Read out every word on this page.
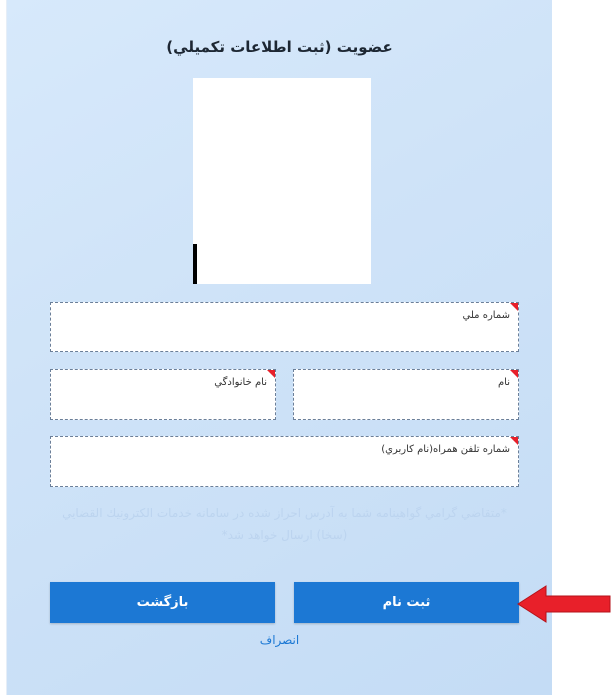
عضويت (ثبت اطلاعات تكميلي)
شماره ملي
نام خانوادگي	نام
شماره تلفن همراه(نام کاربري)
*متقاضي گرامي گواهينامه شما به آدرس احراز شده در سامانه خدمات الكترونيك القضايي (سخا) ارسال خواهد شد*
بازگشت	ثبت نام
انصراف
